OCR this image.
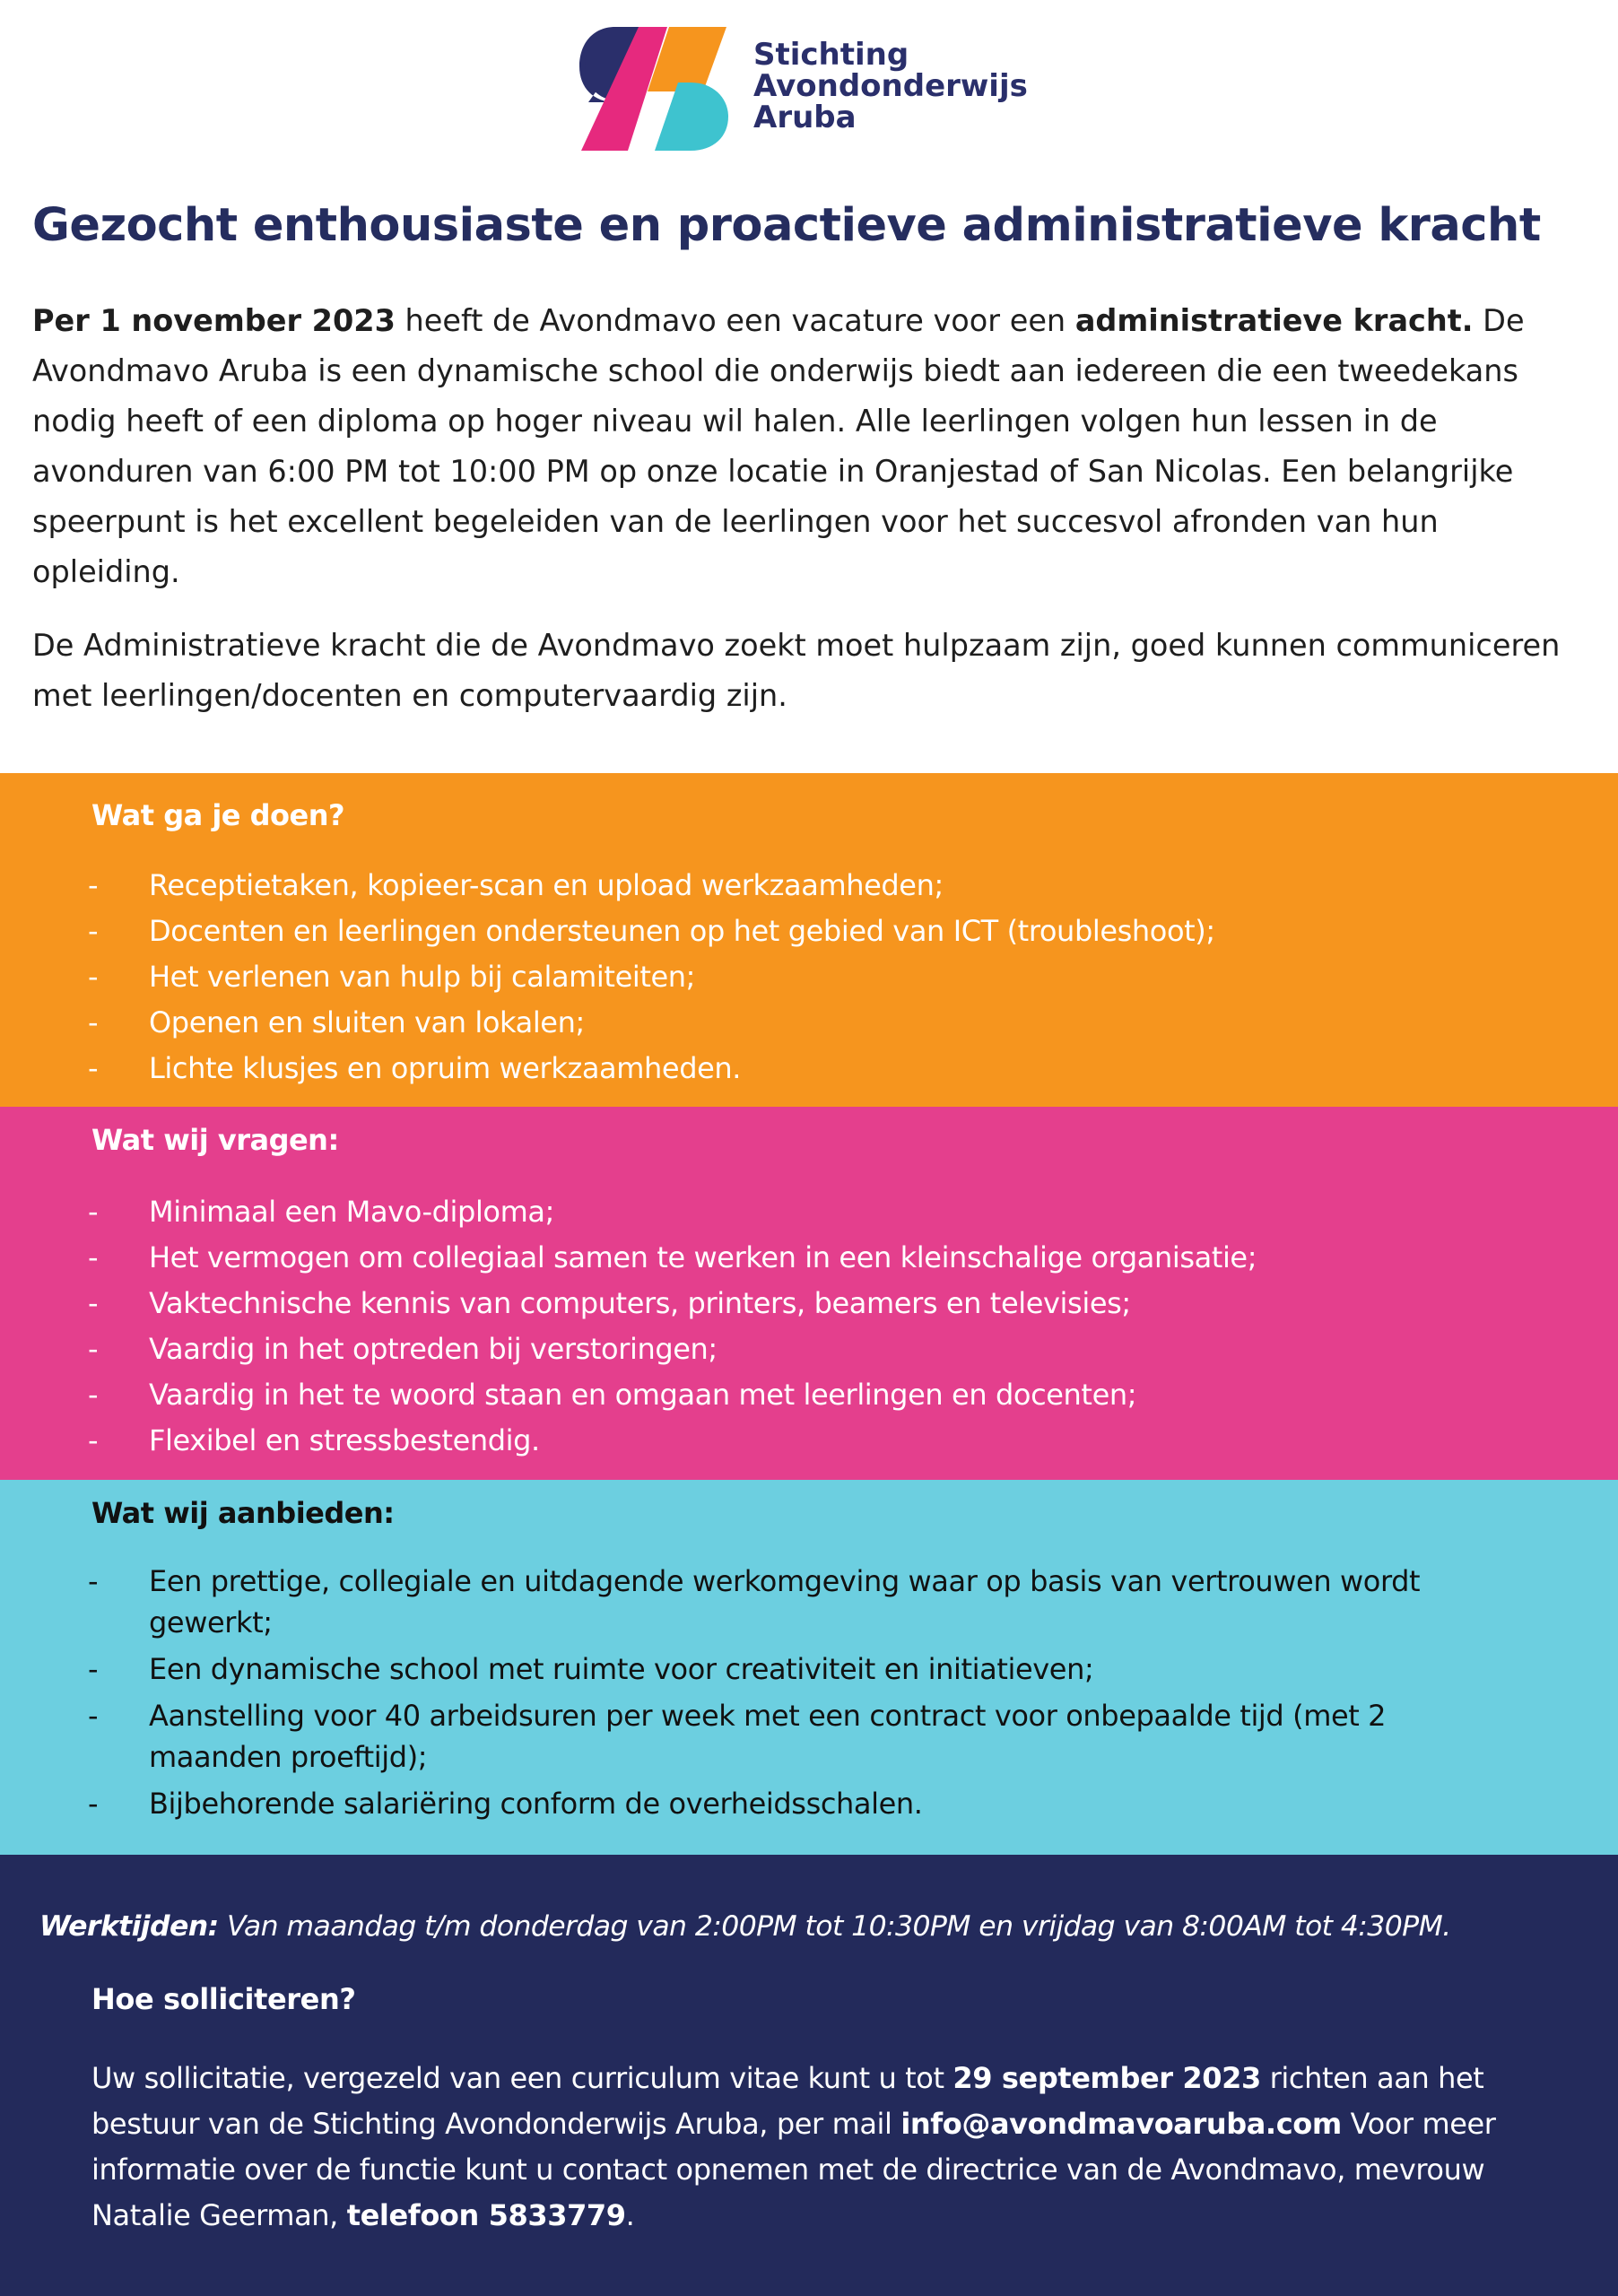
Stichting
Avondonderwijs
Aruba
Gezocht enthousiaste en proactieve administratieve kracht

Per 1 november 2023 heeft de Avondmavo een vacature voor een administratieve kracht. De Avondmavo Aruba is een dynamische school die onderwijs biedt aan iedereen die een tweedekans nodig heeft of een diploma op hoger niveau wil halen. Alle leerlingen volgen hun lessen in de avonduren van 6:00 PM tot 10:00 PM op onze locatie in Oranjestad of San Nicolas. Een belangrijke speerpunt is het excellent begeleiden van de leerlingen voor het succesvol afronden van hun opleiding.

De Administratieve kracht die de Avondmavo zoekt moet hulpzaam zijn, goed kunnen communiceren met leerlingen/docenten en computervaardig zijn.

Wat ga je doen?
- Receptietaken, kopieer-scan en upload werkzaamheden;
- Docenten en leerlingen ondersteunen op het gebied van ICT (troubleshoot);
- Het verlenen van hulp bij calamiteiten;
- Openen en sluiten van lokalen;
- Lichte klusjes en opruim werkzaamheden.
Wat wij vragen:
- Minimaal een Mavo-diploma;
- Het vermogen om collegiaal samen te werken in een kleinschalige organisatie;
- Vaktechnische kennis van computers, printers, beamers en televisies;
- Vaardig in het optreden bij verstoringen;
- Vaardig in het te woord staan en omgaan met leerlingen en docenten;
- Flexibel en stressbestendig.
Wat wij aanbieden:
- Een prettige, collegiale en uitdagende werkomgeving waar op basis van vertrouwen wordt gewerkt;
- Een dynamische school met ruimte voor creativiteit en initiatieven;
- Aanstelling voor 40 arbeidsuren per week met een contract voor onbepaalde tijd (met 2 maanden proeftijd);
- Bijbehorende salariëring conform de overheidsschalen.
Werktijden: Van maandag t/m donderdag van 2:00PM tot 10:30PM en vrijdag van 8:00AM tot 4:30PM.
Hoe solliciteren?
Uw sollicitatie, vergezeld van een curriculum vitae kunt u tot 29 september 2023 richten aan het bestuur van de Stichting Avondonderwijs Aruba, per mail info@avondmavoaruba.com Voor meer informatie over de functie kunt u contact opnemen met de directrice van de Avondmavo, mevrouw Natalie Geerman, telefoon 5833779.
